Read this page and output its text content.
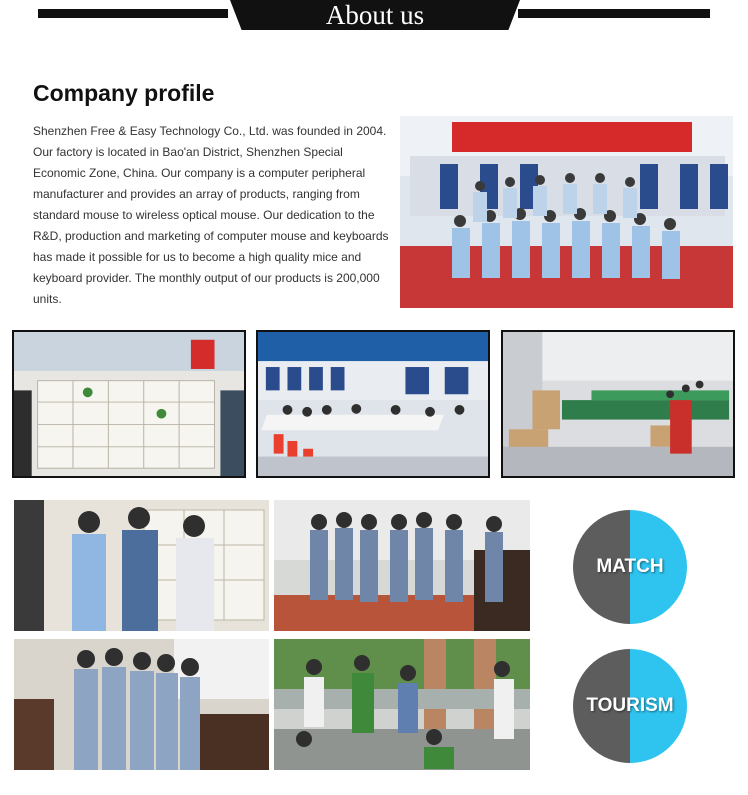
About us
Company profile
Shenzhen Free & Easy Technology Co., Ltd. was founded in 2004. Our factory is located in Bao'an District, Shenzhen Special Economic Zone, China. Our company is a computer peripheral manufacturer and provides an array of products, ranging from standard mouse to wireless optical mouse. Our dedication to the R&D, production and marketing of computer mouse and keyboards has made it possible for us to become a high quality mice and keyboard provider. The monthly output of our products is 200,000 units.
MATCH
TOURISM
